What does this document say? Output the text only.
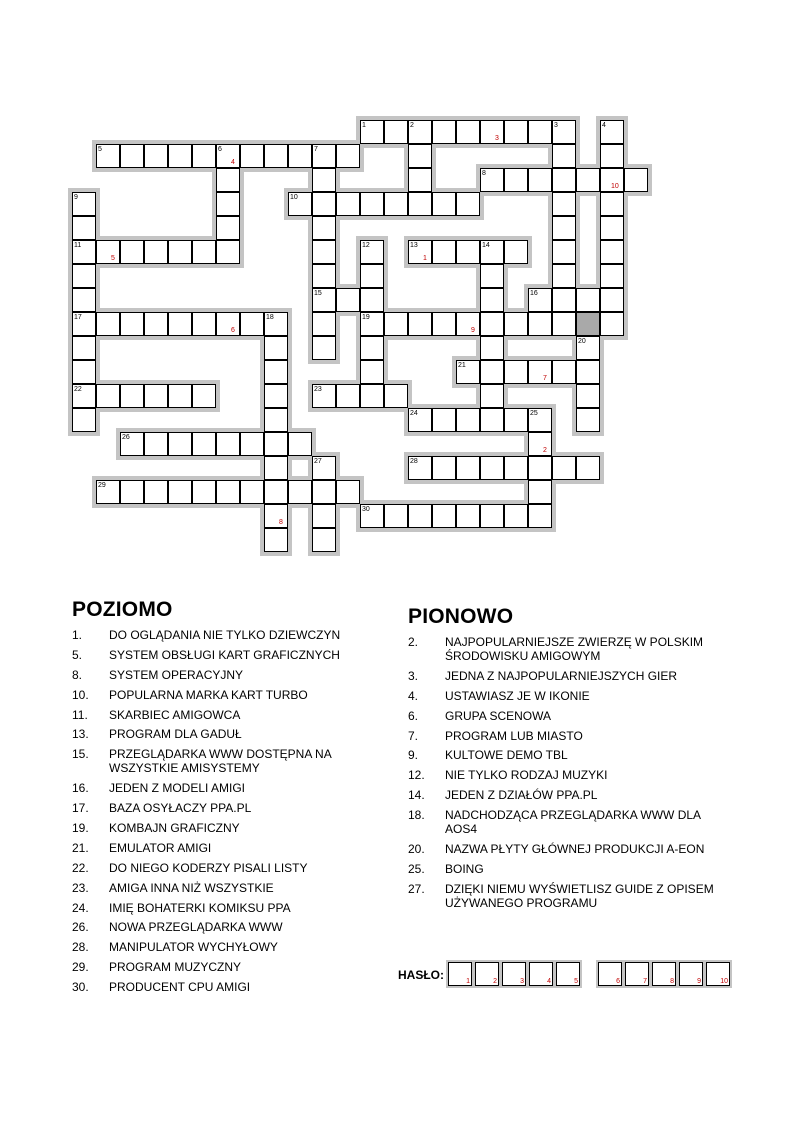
1	2	3	4
5	6	7
8
9	10
11	12	13	14
15	16
17	18	19
20
21
22	23
24	25
26
27	28
29
30
1
2
3
4
5
6
7
8
9
10
POZIOMO
1.	DO OGLĄDANIA NIE TYLKO DZIEWCZYN
5.	SYSTEM OBSŁUGI KART GRAFICZNYCH
8.	SYSTEM OPERACYJNY
10.	POPULARNA MARKA KART TURBO
11.	SKARBIEC AMIGOWCA
13.	PROGRAM DLA GADUŁ
15.	PRZEGLĄDARKA WWW DOSTĘPNA NA WSZYSTKIE AMISYSTEMY
16.	JEDEN Z MODELI AMIGI
17.	BAZA OSYŁACZY PPA.PL
19.	KOMBAJN GRAFICZNY
21.	EMULATOR AMIGI
22.	DO NIEGO KODERZY PISALI LISTY
23.	AMIGA INNA NIŻ WSZYSTKIE
24.	IMIĘ BOHATERKI KOMIKSU PPA
26.	NOWA PRZEGLĄDARKA WWW
28.	MANIPULATOR WYCHYŁOWY
29.	PROGRAM MUZYCZNY
30.	PRODUCENT CPU AMIGI
PIONOWO
2.	NAJPOPULARNIEJSZE ZWIERZĘ W POLSKIM ŚRODOWISKU AMIGOWYM
3.	JEDNA Z NAJPOPULARNIEJSZYCH GIER
4.	USTAWIASZ JE W IKONIE
6.	GRUPA SCENOWA
7.	PROGRAM LUB MIASTO
9.	KULTOWE DEMO TBL
12.	NIE TYLKO RODZAJ MUZYKI
14.	JEDEN Z DZIAŁÓW PPA.PL
18.	NADCHODZĄCA PRZEGLĄDARKA WWW DLA AOS4
20.	NAZWA PŁYTY GŁÓWNEJ PRODUKCJI A-EON
25.	BOING
27.	DZIĘKI NIEMU WYŚWIETLISZ GUIDE Z OPISEM UŻYWANEGO PROGRAMU
HASŁO:	1	2	3	4	5	6	7	8	9	10
